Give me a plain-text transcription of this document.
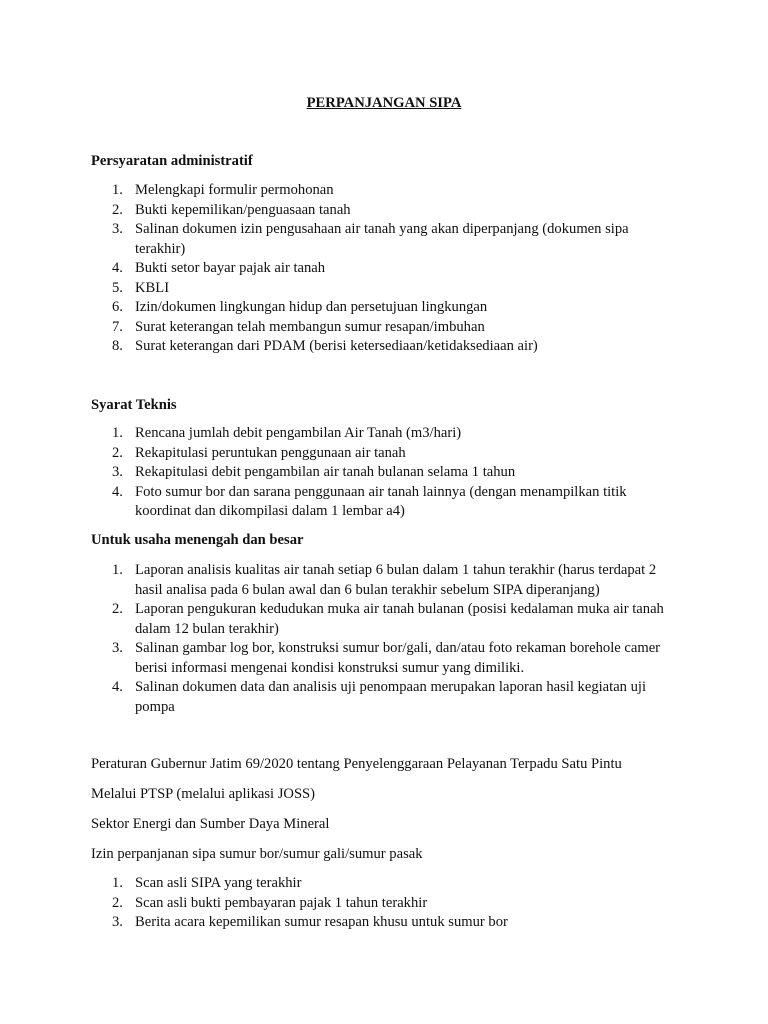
PERPANJANGAN SIPA
Persyaratan administratif
1. Melengkapi formulir permohonan
2. Bukti kepemilikan/penguasaan tanah
3. Salinan dokumen izin pengusahaan air tanah yang akan diperpanjang (dokumen sipa terakhir)
4. Bukti setor bayar pajak air tanah
5. KBLI
6. Izin/dokumen lingkungan hidup dan persetujuan lingkungan
7. Surat keterangan telah membangun sumur resapan/imbuhan
8. Surat keterangan dari PDAM (berisi ketersediaan/ketidaksediaan air)
Syarat Teknis
1. Rencana jumlah debit pengambilan Air Tanah (m3/hari)
2. Rekapitulasi peruntukan penggunaan air tanah
3. Rekapitulasi debit pengambilan air tanah bulanan selama 1 tahun
4. Foto sumur bor dan sarana penggunaan air tanah lainnya (dengan menampilkan titik koordinat dan dikompilasi dalam 1 lembar a4)
Untuk usaha menengah dan besar
1. Laporan analisis kualitas air tanah setiap 6 bulan dalam 1 tahun terakhir (harus terdapat 2 hasil analisa pada 6 bulan awal dan 6 bulan terakhir sebelum SIPA diperanjang)
2. Laporan pengukuran kedudukan muka air tanah bulanan (posisi kedalaman muka air tanah dalam 12 bulan terakhir)
3. Salinan gambar log bor, konstruksi sumur bor/gali, dan/atau foto rekaman borehole camer berisi informasi mengenai kondisi konstruksi sumur yang dimiliki.
4. Salinan dokumen data dan analisis uji penompaan merupakan laporan hasil kegiatan uji pompa
Peraturan Gubernur Jatim 69/2020 tentang Penyelenggaraan Pelayanan Terpadu Satu Pintu
Melalui PTSP (melalui aplikasi JOSS)
Sektor Energi dan Sumber Daya Mineral
Izin perpanjanan sipa sumur bor/sumur gali/sumur pasak
1. Scan asli SIPA yang terakhir
2. Scan asli bukti pembayaran pajak 1 tahun terakhir
3. Berita acara kepemilikan sumur resapan khusu untuk sumur bor
